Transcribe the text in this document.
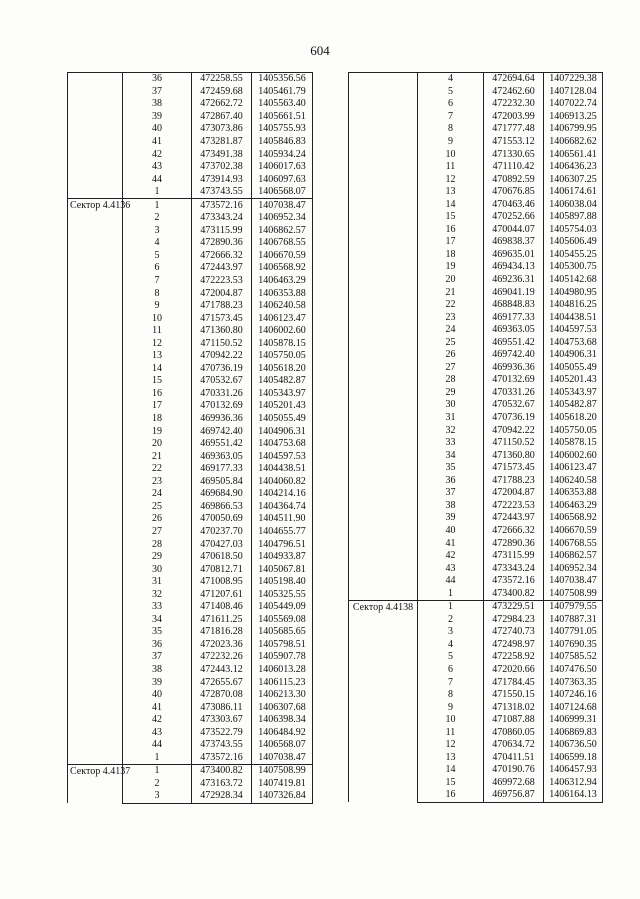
604
	36	472258.55	1405356.56
	37	472459.68	1405461.79
	38	472662.72	1405563.40
	39	472867.40	1405661.51
	40	473073.86	1405755.93
	41	473281.87	1405846.83
	42	473491.38	1405934.24
	43	473702.38	1406017.63
	44	473914.93	1406097.63
	1	473743.55	1406568.07
Сектор 4.4136	1	473572.16	1407038.47
	2	473343.24	1406952.34
	3	473115.99	1406862.57
	4	472890.36	1406768.55
	5	472666.32	1406670.59
	6	472443.97	1406568.92
	7	472223.53	1406463.29
	8	472004.87	1406353.88
	9	471788.23	1406240.58
	10	471573.45	1406123.47
	11	471360.80	1406002.60
	12	471150.52	1405878.15
	13	470942.22	1405750.05
	14	470736.19	1405618.20
	15	470532.67	1405482.87
	16	470331.26	1405343.97
	17	470132.69	1405201.43
	18	469936.36	1405055.49
	19	469742.40	1404906.31
	20	469551.42	1404753.68
	21	469363.05	1404597.53
	22	469177.33	1404438.51
	23	469505.84	1404060.82
	24	469684.90	1404214.16
	25	469866.53	1404364.74
	26	470050.69	1404511.90
	27	470237.70	1404655.77
	28	470427.03	1404796.51
	29	470618.50	1404933.87
	30	470812.71	1405067.81
	31	471008.95	1405198.40
	32	471207.61	1405325.55
	33	471408.46	1405449.09
	34	471611.25	1405569.08
	35	471816.28	1405685.65
	36	472023.36	1405798.51
	37	472232.26	1405907.78
	38	472443.12	1406013.28
	39	472655.67	1406115.23
	40	472870.08	1406213.30
	41	473086.11	1406307.68
	42	473303.67	1406398.34
	43	473522.79	1406484.92
	44	473743.55	1406568.07
	1	473572.16	1407038.47
Сектор 4.4137	1	473400.82	1407508.99
	2	473163.72	1407419.81
	3	472928.34	1407326.84
	4	472694.64	1407229.38
	5	472462.60	1407128.04
	6	472232.30	1407022.74
	7	472003.99	1406913.25
	8	471777.48	1406799.95
	9	471553.12	1406682.62
	10	471330.65	1406561.41
	11	471110.42	1406436.23
	12	470892.59	1406307.25
	13	470676.85	1406174.61
	14	470463.46	1406038.04
	15	470252.66	1405897.88
	16	470044.07	1405754.03
	17	469838.37	1405606.49
	18	469635.01	1405455.25
	19	469434.13	1405300.75
	20	469236.31	1405142.68
	21	469041.19	1404980.95
	22	468848.83	1404816.25
	23	469177.33	1404438.51
	24	469363.05	1404597.53
	25	469551.42	1404753.68
	26	469742.40	1404906.31
	27	469936.36	1405055.49
	28	470132.69	1405201.43
	29	470331.26	1405343.97
	30	470532.67	1405482.87
	31	470736.19	1405618.20
	32	470942.22	1405750.05
	33	471150.52	1405878.15
	34	471360.80	1406002.60
	35	471573.45	1406123.47
	36	471788.23	1406240.58
	37	472004.87	1406353.88
	38	472223.53	1406463.29
	39	472443.97	1406568.92
	40	472666.32	1406670.59
	41	472890.36	1406768.55
	42	473115.99	1406862.57
	43	473343.24	1406952.34
	44	473572.16	1407038.47
	1	473400.82	1407508.99
Сектор 4.4138	1	473229.51	1407979.55
	2	472984.23	1407887.31
	3	472740.73	1407791.05
	4	472498.97	1407690.35
	5	472258.92	1407585.52
	6	472020.66	1407476.50
	7	471784.45	1407363.35
	8	471550.15	1407246.16
	9	471318.02	1407124.68
	10	471087.88	1406999.31
	11	470860.05	1406869.83
	12	470634.72	1406736.50
	13	470411.51	1406599.18
	14	470190.76	1406457.93
	15	469972.68	1406312.94
	16	469756.87	1406164.13
